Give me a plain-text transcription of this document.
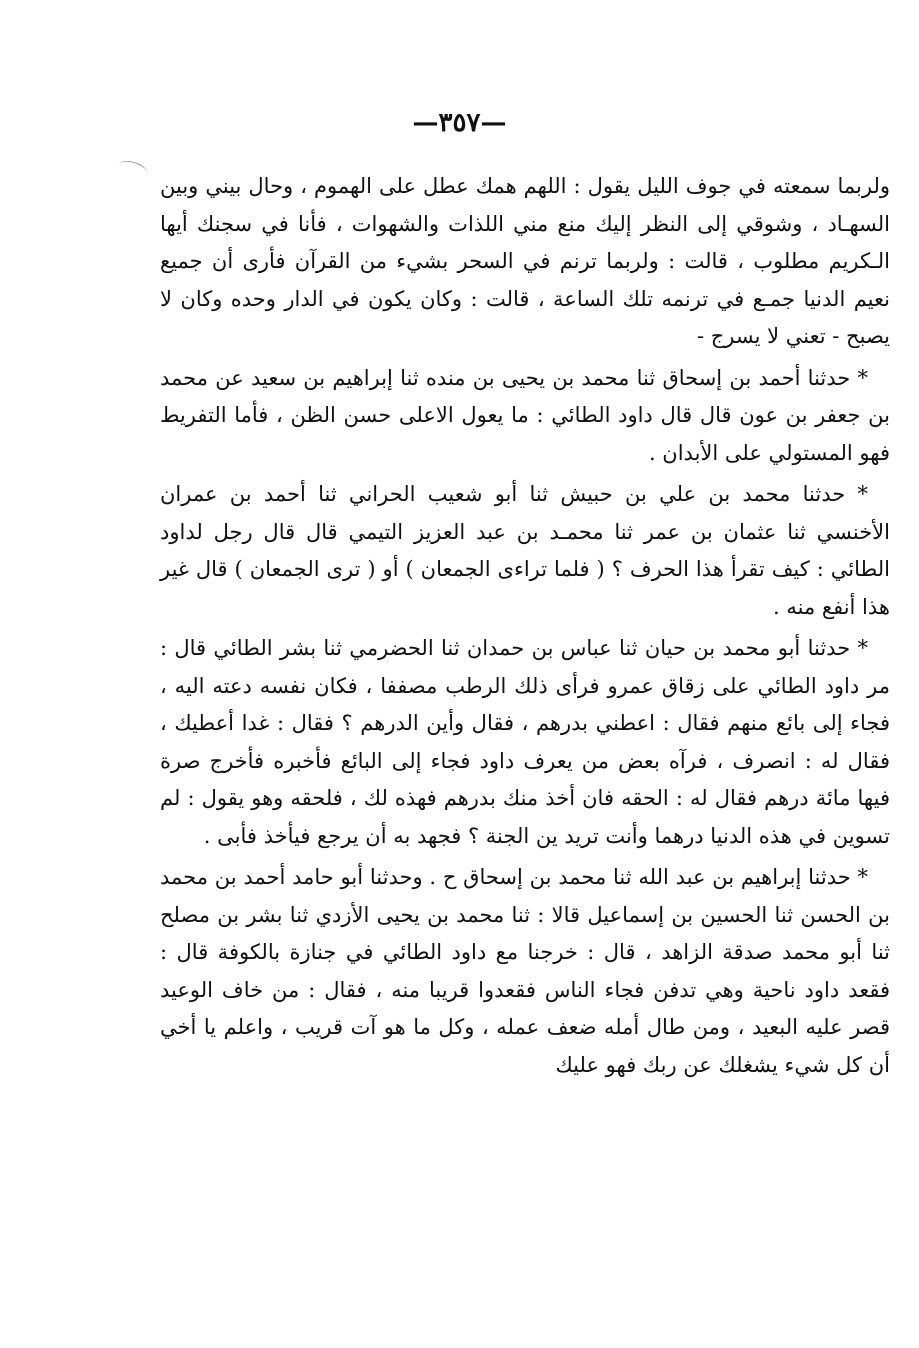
—٣٥٧—

ولربما سمعته في جوف الليل يقول : اللهم همك عطل على الهموم ، وحال بيني وبين السهـاد ، وشوقي إلى النظر إليك منع مني اللذات والشهوات ، فأنا في سجنك أيها الـكريم مطلوب ، قالت : ولربما ترنم في السحر بشيء من القرآن فأرى أن جميع نعيم الدنيا جمـع في ترنمه تلك الساعة ، قالت : وكان يكون في الدار وحده وكان لا يصبح - تعني لا يسرج -

* حدثنا أحمد بن إسحاق ثنا محمد بن يحيى بن منده ثنا إبراهيم بن سعيد عن محمد بن جعفر بن عون قال قال داود الطائي : ما يعول الاعلى حسن الظن ، فأما التفريط فهو المستولي على الأبدان .

* حدثنا محمد بن علي بن حبيش ثنا أبو شعيب الحراني ثنا أحمد بن عمران الأخنسي ثنا عثمان بن عمر ثنا محمـد بن عبد العزيز التيمي قال قال رجل لداود الطائي : كيف تقرأ هذا الحرف ؟ ( فلما تراءى الجمعان ) أو ( ترى الجمعان ) قال غير هذا أنفع منه .

* حدثنا أبو محمد بن حيان ثنا عباس بن حمدان ثنا الحضرمي ثنا بشر الطائي قال : مر داود الطائي على زقاق عمرو فرأى ذلك الرطب مصففا ، فكان نفسه دعته اليه ، فجاء إلى بائع منهم فقال : اعطني بدرهم ، فقال وأين الدرهم ؟ فقال : غدا أعطيك ، فقال له : انصرف ، فرآه بعض من يعرف داود فجاء إلى البائع فأخبره فأخرج صرة فيها مائة درهم فقال له : الحقه فان أخذ منك بدرهم فهذه لك ، فلحقه وهو يقول : لم تسوين في هذه الدنيا درهما وأنت تريد ين الجنة ؟ فجهد به أن يرجع فيأخذ فأبى .

* حدثنا إبراهيم بن عبد الله ثنا محمد بن إسحاق ح . وحدثنا أبو حامد أحمد بن محمد بن الحسن ثنا الحسين بن إسماعيل قالا : ثنا محمد بن يحيى الأزدي ثنا بشر بن مصلح ثنا أبو محمد صدقة الزاهد ، قال : خرجنا مع داود الطائي في جنازة بالكوفة قال : فقعد داود ناحية وهي تدفن فجاء الناس فقعدوا قريبا منه ، فقال : من خاف الوعيد قصر عليه البعيد ، ومن طال أمله ضعف عمله ، وكل ما هو آت قريب ، واعلم يا أخي أن كل شيء يشغلك عن ربك فهو عليك
